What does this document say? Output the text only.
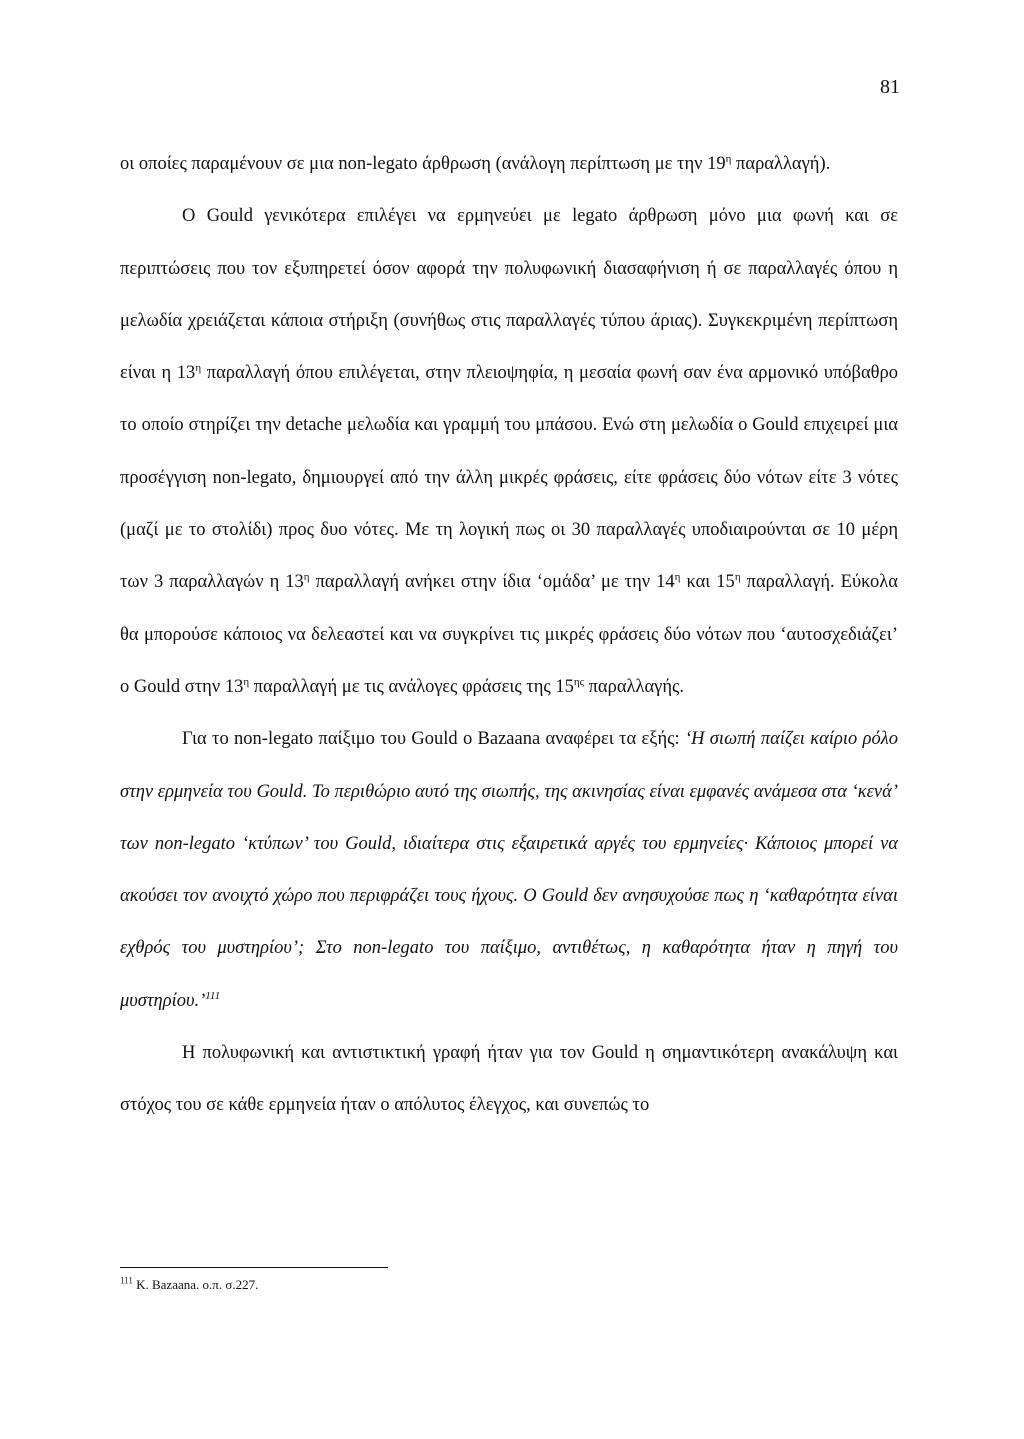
81

οι οποίες παραμένουν σε μια non-legato άρθρωση (ανάλογη περίπτωση με την $19^\eta$ παραλλαγή).

Ο Gould γενικότερα επιλέγει να ερμηνεύει με legato άρθρωση μόνο μια φωνή και σε περιπτώσεις που τον εξυπηρετεί όσον αφορά την πολυφωνική διασαφήνιση ή σε παραλλαγές όπου η μελωδία χρειάζεται κάποια στήριξη (συνήθως στις παραλλαγές τύπου άριας). Συγκεκριμένη περίπτωση είναι η $13^\eta$ παραλλαγή όπου επιλέγεται, στην πλειοψηφία, η μεσαία φωνή σαν ένα αρμονικό υπόβαθρο το οποίο στηρίζει την detache μελωδία και γραμμή του μπάσου. Ενώ στη μελωδία ο Gould επιχειρεί μια προσέγγιση non-legato, δημιουργεί από την άλλη μικρές φράσεις, είτε φράσεις δύο νότων είτε 3 νότες (μαζί με το στολίδι) προς δυο νότες. Με τη λογική πως οι 30 παραλλαγές υποδιαιρούνται σε 10 μέρη των 3 παραλλαγών η $13^\eta$ παραλλαγή ανήκει στην ίδια ‘ομάδα’ με την $14^\eta$ και $15^\eta$ παραλλαγή. Εύκολα θα μπορούσε κάποιος να δελεαστεί και να συγκρίνει τις μικρές φράσεις δύο νότων που ‘αυτοσχεδιάζει’ ο Gould στην $13^\eta$ παραλλαγή με τις ανάλογες φράσεις της $15^{\eta\varsigma}$ παραλλαγής.

Για το non-legato παίξιμο του Gould ο Bazaana αναφέρει τα εξής: ‘Η σιωπή παίζει καίριο ρόλο στην ερμηνεία του Gould. Το περιθώριο αυτό της σιωπής, της ακινησίας είναι εμφανές ανάμεσα στα ‘κενά’ των non-legato ‘κτύπων’ του Gould, ιδιαίτερα στις εξαιρετικά αργές του ερμηνείες· Κάποιος μπορεί να ακούσει τον ανοιχτό χώρο που περιφράζει τους ήχους. Ο Gould δεν ανησυχούσε πως η ‘καθαρότητα είναι εχθρός του μυστηρίου’; Στο non-legato του παίξιμο, αντιθέτως, η καθαρότητα ήταν η πηγή του μυστηρίου.’$^{111}$

Η πολυφωνική και αντιστικτική γραφή ήταν για τον Gould η σημαντικότερη ανακάλυψη και στόχος του σε κάθε ερμηνεία ήταν ο απόλυτος έλεγχος, και συνεπώς το

$^{111}$ K. Bazaana. ο.π. σ.227.
